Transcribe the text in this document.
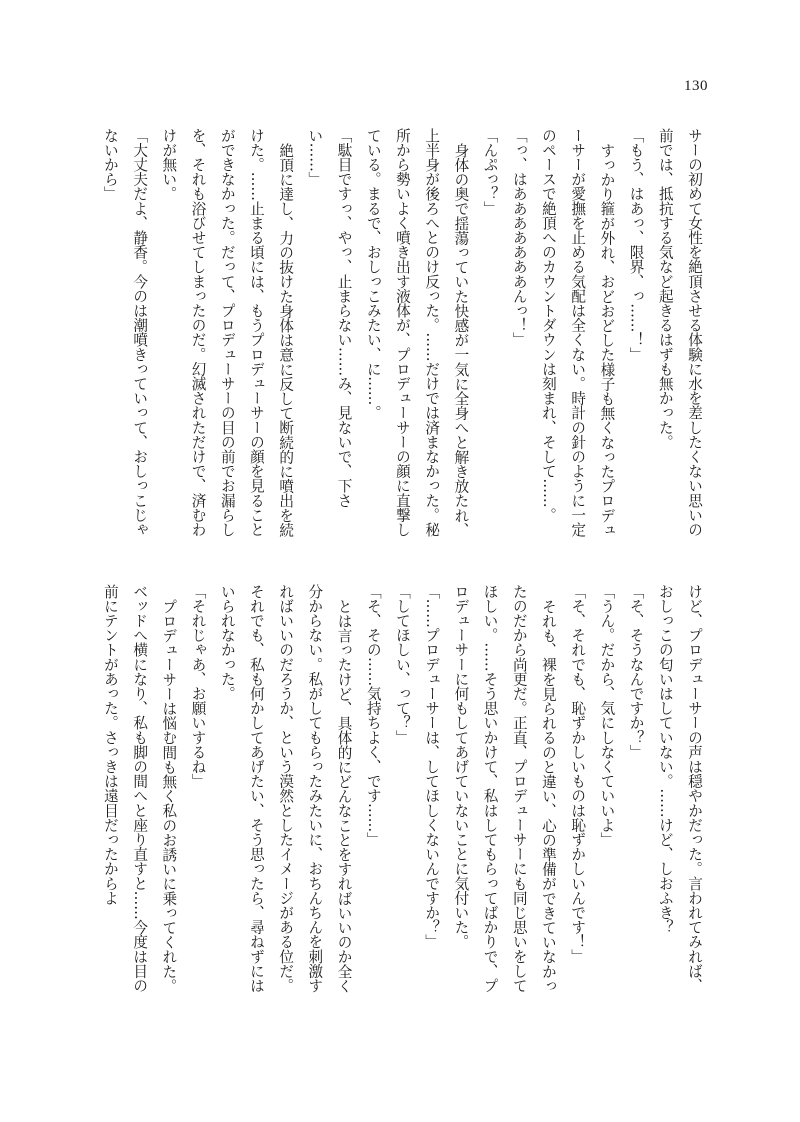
130

サーの初めて女性を絶頂させる体験に水を差したくない思いの前では、抵抗する気など起きるはずも無かった。

「もう、はあっ、限界、っ……！」

すっかり箍が外れ、おどおどした様子も無くなったプロデューサーが愛撫を止める気配は全くない。時計の針のように一定のペースで絶頂へのカウントダウンは刻まれ、そして……。

「っ、はあああああああんっ！」

「んぷっ？」

身体の奥で揺蕩っていた快感が一気に全身へと解き放たれ、上半身が後ろへとのけ反った。……だけでは済まなかった。秘所から勢いよく噴き出す液体が、プロデューサーの顔に直撃している。まるで、おしっこみたい、に……。

「駄目ですっ、やっ、止まらない……み、見ないで、下さい……」

絶頂に達し、力の抜けた身体は意に反して断続的に噴出を続けた。……止まる頃には、もうプロデューサーの顔を見ることができなかった。だって、プロデューサーの目の前でお漏らしを、それも浴びせてしまったのだ。幻滅されただけで、済むわけが無い。

「大丈夫だよ、静香。今のは潮噴きっていって、おしっこじゃないから」

けど、プロデューサーの声は穏やかだった。言われてみれば、おしっこの匂いはしていない。……けど、しおふき？

「そ、そうなんですか？」

「うん。だから、気にしなくていいよ」

「そ、それでも、恥ずかしいものは恥ずかしいんです！」

それも、裸を見られるのと違い、心の準備ができていなかったのだから尚更だ。正直、プロデューサーにも同じ思いをしてほしい。……そう思いかけて、私はしてもらってばかりで、プロデューサーに何もしてあげていないことに気付いた。

「……プロデューサーは、してほしくないんですか？」

「してほしい、って？」

「そ、その……気持ちよく、です……」

とは言ったけど、具体的にどんなことをすればいいのか全く分からない。私がしてもらったみたいに、おちんちんを刺激すればいいのだろうか、という漠然としたイメージがある位だ。それでも、私も何かしてあげたい、そう思ったら、尋ねずにはいられなかった。

「それじゃあ、お願いするね」

プロデューサーは悩む間も無く私のお誘いに乗ってくれた。ベッドへ横になり、私も脚の間へと座り直すと……今度は目の前にテントがあった。さっきは遠目だったからよ
